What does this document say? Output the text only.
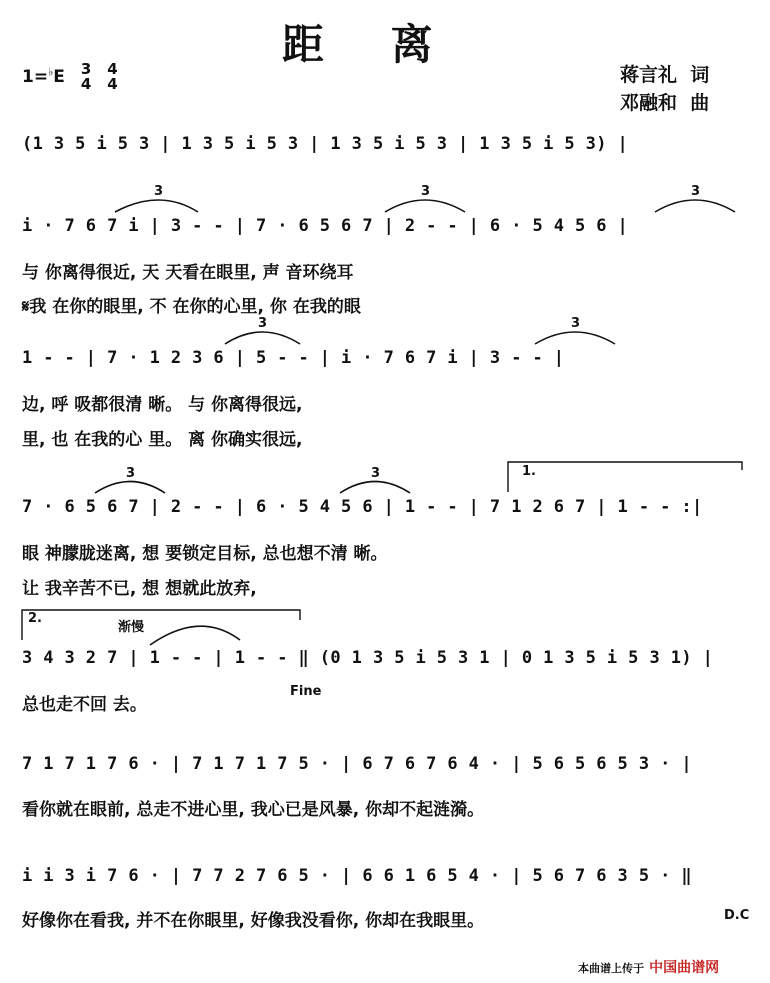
距 离
1=♭E 3
4

4
4	蒋言礼  词
邓融和  曲
(1 3 5 i 5 3 | 1 3 5 i 5 3 | 1 3 5 i 5 3 | 1 3 5 i 5 3) |
i · 7 6 7 i | 3 - - | 7 · 6 5 6 7 | 2 - - | 6 · 5 4 5 6 |
与 你离得很近, 天 天看在眼里, 声 音环绕耳
𝄋我 在你的眼里, 不 在你的心里, 你 在我的眼
1 - - | 7 · 1 2 3 6 | 5 - - | i · 7 6 7 i | 3 - - |
边, 呼 吸都很清 晰。 与 你离得很远,
里, 也 在我的心 里。 离 你确实很远,
1.
7 · 6 5 6 7 | 2 - - | 6 · 5 4 5 6 | 1 - - | 7 1 2 6 7 | 1 - - :|
眼 神朦胧迷离, 想 要锁定目标, 总也想不清 晰。
让 我辛苦不已, 想 想就此放弃,
2.
渐慢
3 4 3 2 7 | 1 - - | 1 - - ‖ (0 1 3 5 i 5 3 1 | 0 1 3 5 i 5 3 1) |
总也走不回 去。
Fine
7 1 7 1 7 6 · | 7 1 7 1 7 5 · | 6 7 6 7 6 4 · | 5 6 5 6 5 3 · |
看你就在眼前, 总走不进心里, 我心已是风暴, 你却不起涟漪。
i i 3 i 7 6 · | 7 7 2 7 6 5 · | 6 6 1 6 5 4 · | 5 6 7 6 3 5 · ‖
好像你在看我, 并不在你眼里, 好像我没看你, 你却在我眼里。	D.C
本曲谱上传于 中国曲谱网
3	3	3
3	3
3	3
